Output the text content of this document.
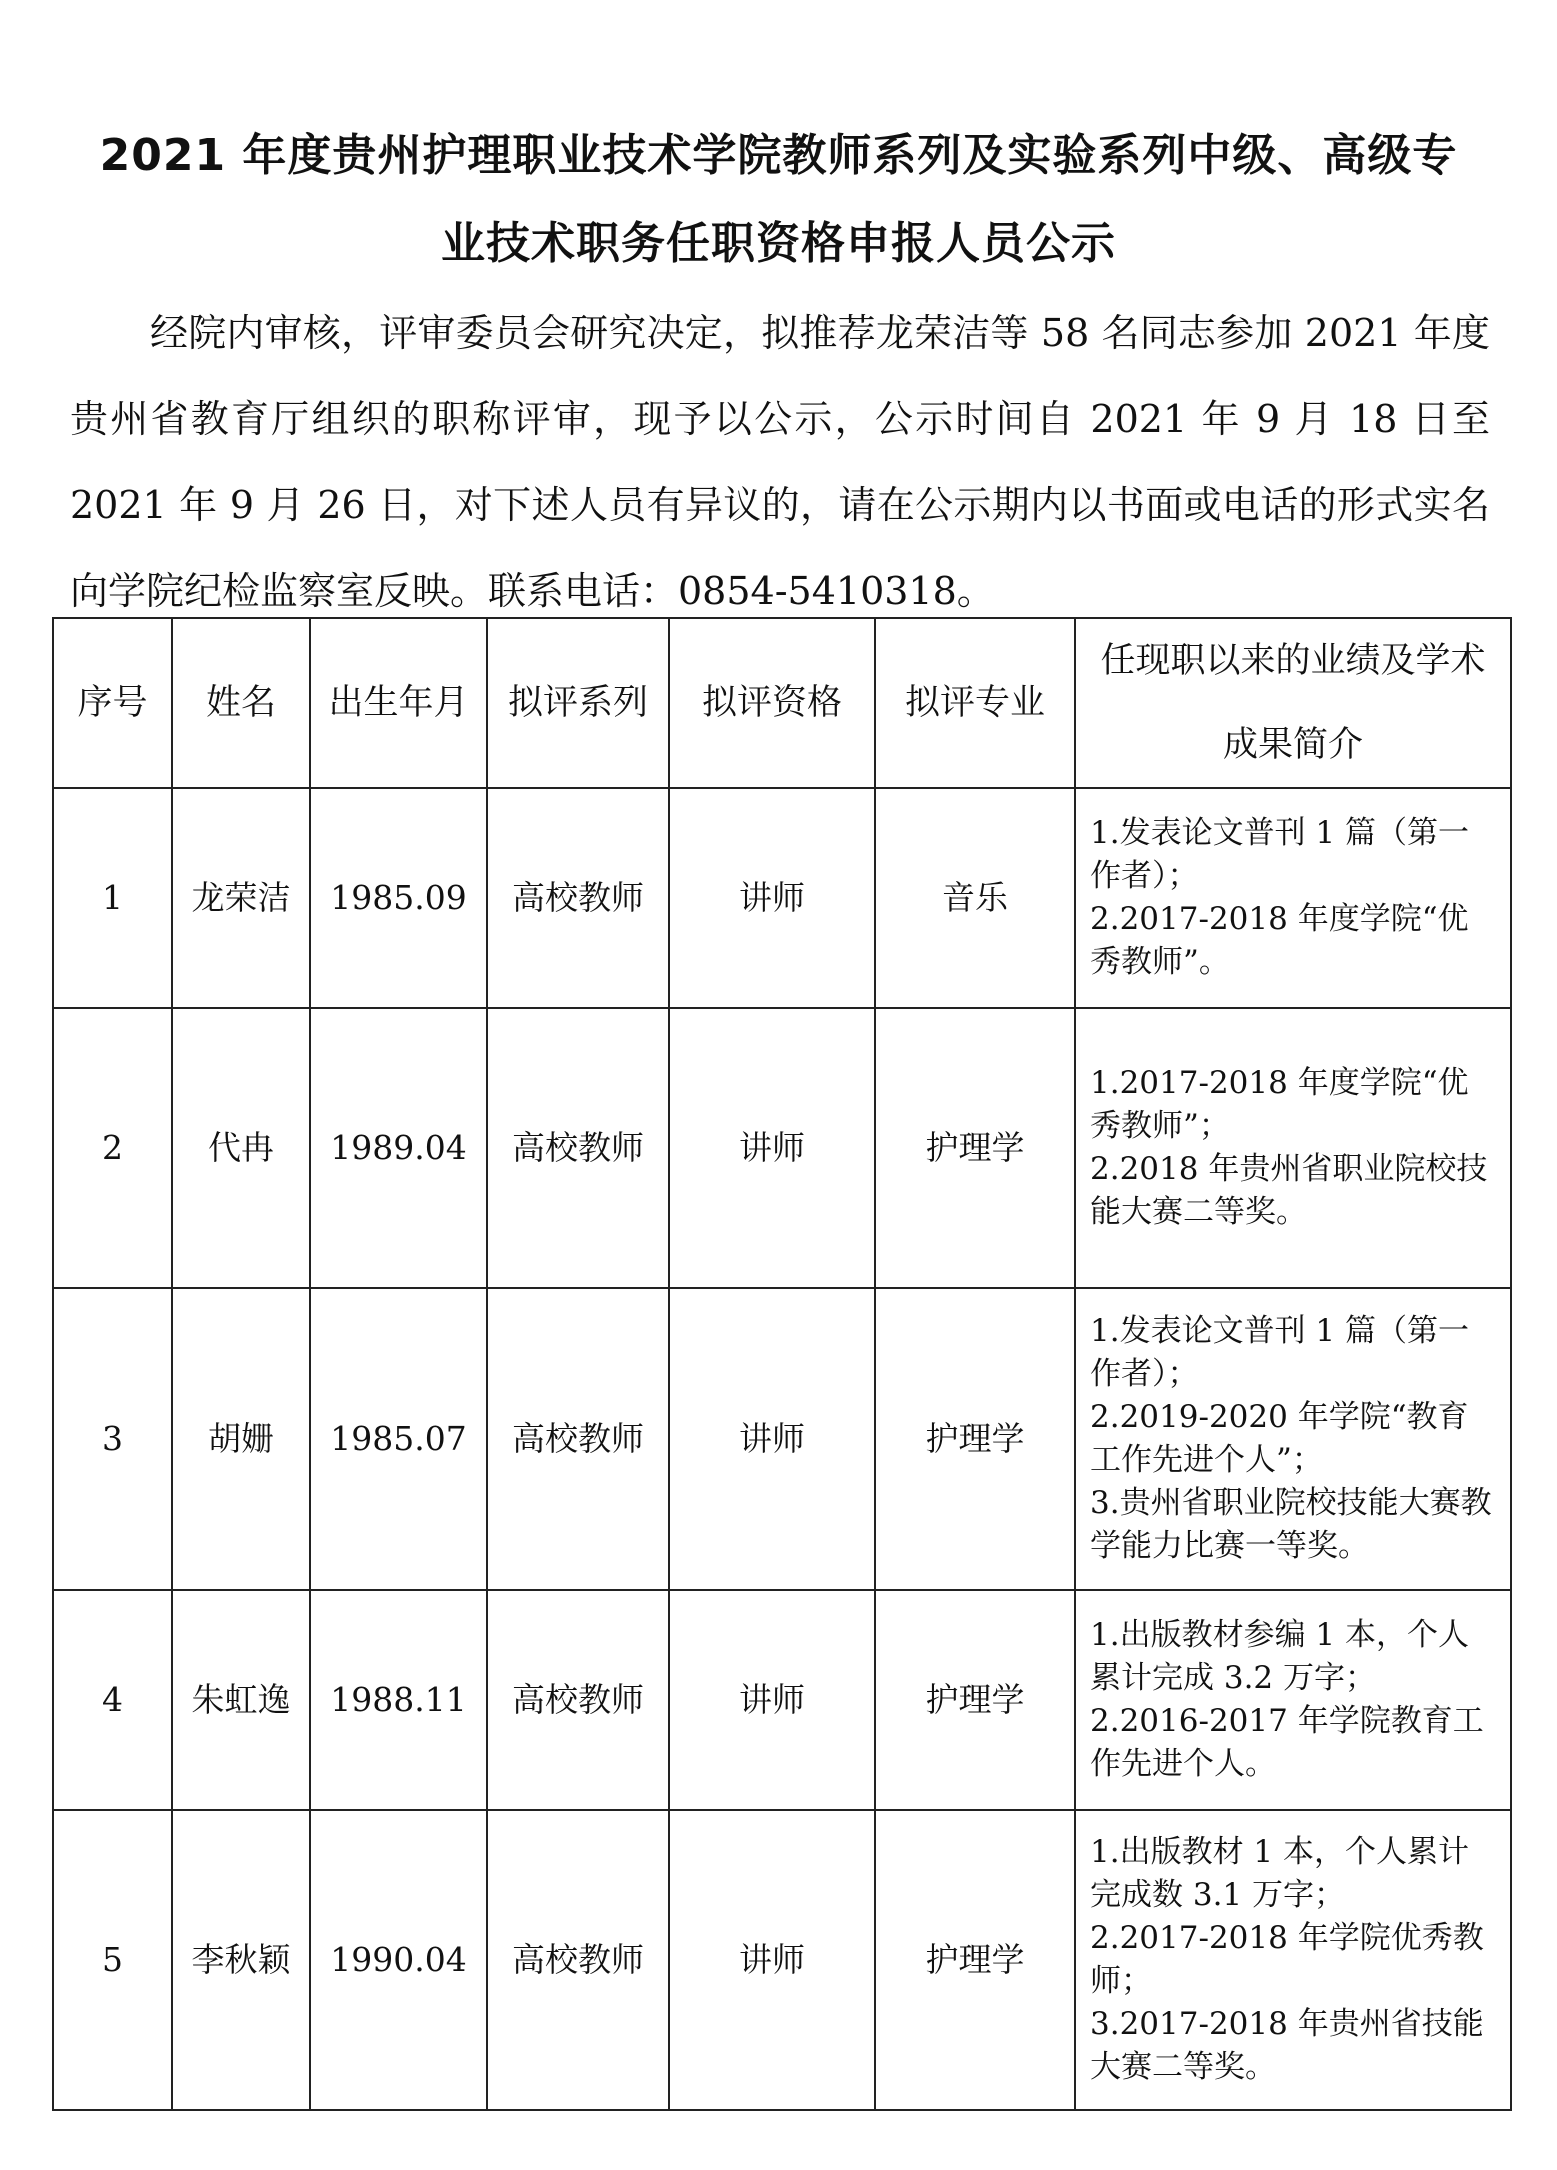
2021 年度贵州护理职业技术学院教师系列及实验系列中级、高级专
业技术职务任职资格申报人员公示

经院内审核，评审委员会研究决定，拟推荐龙荣洁等 58 名同志参加 2021 年度贵州省教育厅组织的职称评审，现予以公示，公示时间自 2021 年 9 月 18 日至 2021 年 9 月 26 日，对下述人员有异议的，请在公示期内以书面或电话的形式实名向学院纪检监察室反映。联系电话：0854-5410318。

序号	姓名	出生年月	拟评系列	拟评资格	拟评专业	任现职以来的业绩及学术成果简介
1	龙荣洁	1985.09	高校教师	讲师	音乐	1.发表论文普刊 1 篇（第一作者）；
2.2017-2018 年度学院“优秀教师”。

2	代冉	1989.04	高校教师	讲师	护理学	1.2017-2018 年度学院“优秀教师”；
2.2018 年贵州省职业院校技能大赛二等奖。

3	胡姗	1985.07	高校教师	讲师	护理学	1.发表论文普刊 1 篇（第一作者）；
2.2019-2020 年学院“教育工作先进个人”；
3.贵州省职业院校技能大赛教学能力比赛一等奖。

4	朱虹逸	1988.11	高校教师	讲师	护理学	1.出版教材参编 1 本，个人累计完成 3.2 万字；
2.2016-2017 年学院教育工作先进个人。

5	李秋颖	1990.04	高校教师	讲师	护理学	1.出版教材 1 本，个人累计完成数 3.1 万字；
2.2017-2018 年学院优秀教师；
3.2017-2018 年贵州省技能大赛二等奖。
